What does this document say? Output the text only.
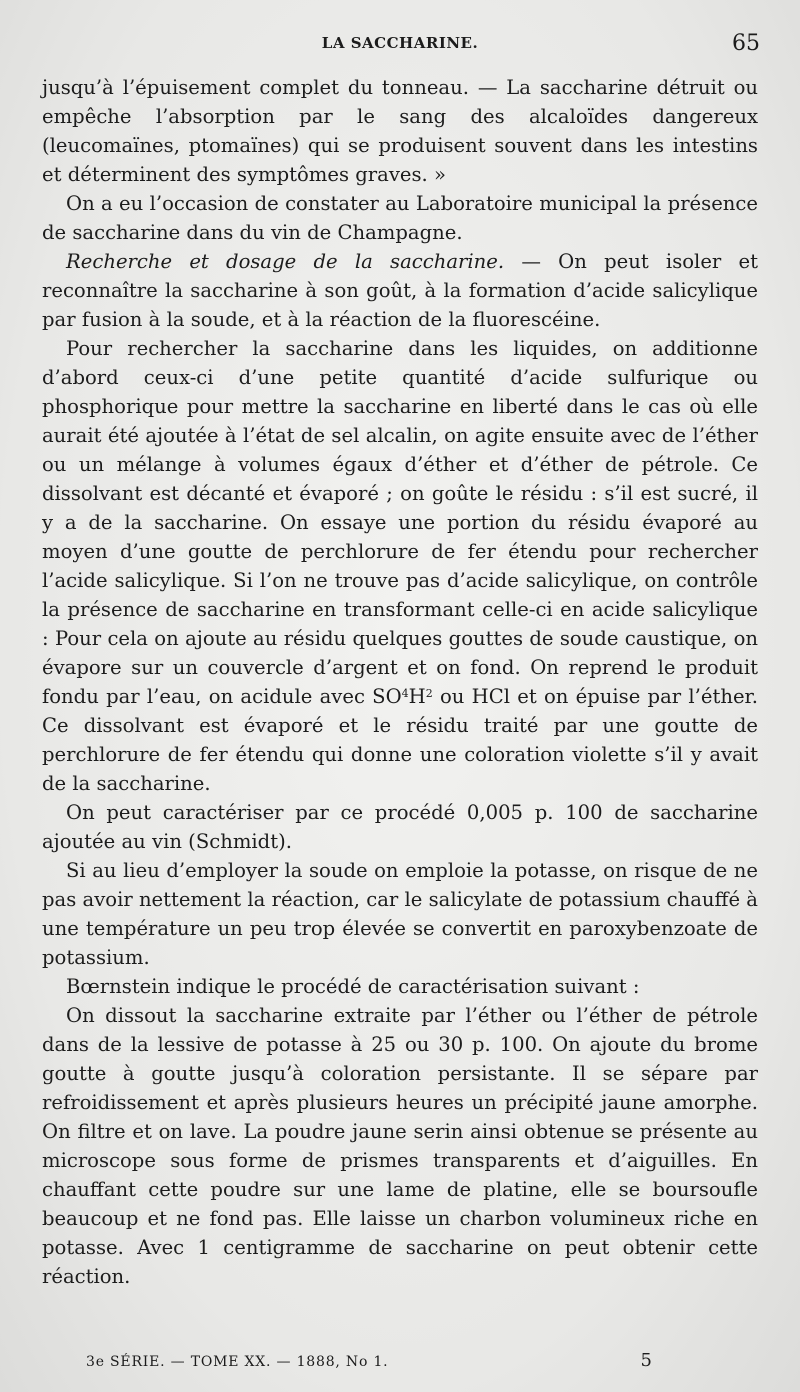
LA SACCHARINE.	65

jusqu’à l’épuisement complet du tonneau. — La saccharine détruit ou empêche l’absorption par le sang des alcaloïdes dangereux (leucomaïnes, ptomaïnes) qui se produisent souvent dans les intestins et déterminent des symptômes graves. »

On a eu l’occasion de constater au Laboratoire municipal la présence de saccharine dans du vin de Champagne.

Recherche et dosage de la saccharine. — On peut isoler et reconnaître la saccharine à son goût, à la formation d’acide salicylique par fusion à la soude, et à la réaction de la fluorescéine.

Pour rechercher la saccharine dans les liquides, on additionne d’abord ceux-ci d’une petite quantité d’acide sulfurique ou phosphorique pour mettre la saccharine en liberté dans le cas où elle aurait été ajoutée à l’état de sel alcalin, on agite ensuite avec de l’éther ou un mélange à volumes égaux d’éther et d’éther de pétrole. Ce dissolvant est décanté et évaporé ; on goûte le résidu : s’il est sucré, il y a de la saccharine. On essaye une portion du résidu évaporé au moyen d’une goutte de perchlorure de fer étendu pour rechercher l’acide salicylique. Si l’on ne trouve pas d’acide salicylique, on contrôle la présence de saccharine en transformant celle-ci en acide salicylique : Pour cela on ajoute au résidu quelques gouttes de soude caustique, on évapore sur un couvercle d’argent et on fond. On reprend le produit fondu par l’eau, on acidule avec $SO^4H^2$ ou HCl et on épuise par l’éther. Ce dissolvant est évaporé et le résidu traité par une goutte de perchlorure de fer étendu qui donne une coloration violette s’il y avait de la saccharine.

On peut caractériser par ce procédé 0,005 p. 100 de saccharine ajoutée au vin (Schmidt).

Si au lieu d’employer la soude on emploie la potasse, on risque de ne pas avoir nettement la réaction, car le salicylate de potassium chauffé à une température un peu trop élevée se convertit en paroxybenzoate de potassium.

Bœrnstein indique le procédé de caractérisation suivant :

On dissout la saccharine extraite par l’éther ou l’éther de pétrole dans de la lessive de potasse à 25 ou 30 p. 100. On ajoute du brome goutte à goutte jusqu’à coloration persistante. Il se sépare par refroidissement et après plusieurs heures un précipité jaune amorphe. On filtre et on lave. La poudre jaune serin ainsi obtenue se présente au microscope sous forme de prismes transparents et d’aiguilles. En chauffant cette poudre sur une lame de platine, elle se boursoufle beaucoup et ne fond pas. Elle laisse un charbon volumineux riche en potasse. Avec 1 centigramme de saccharine on peut obtenir cette réaction.

3e SÉRIE. — TOME XX. — 1888, No 1.	5
